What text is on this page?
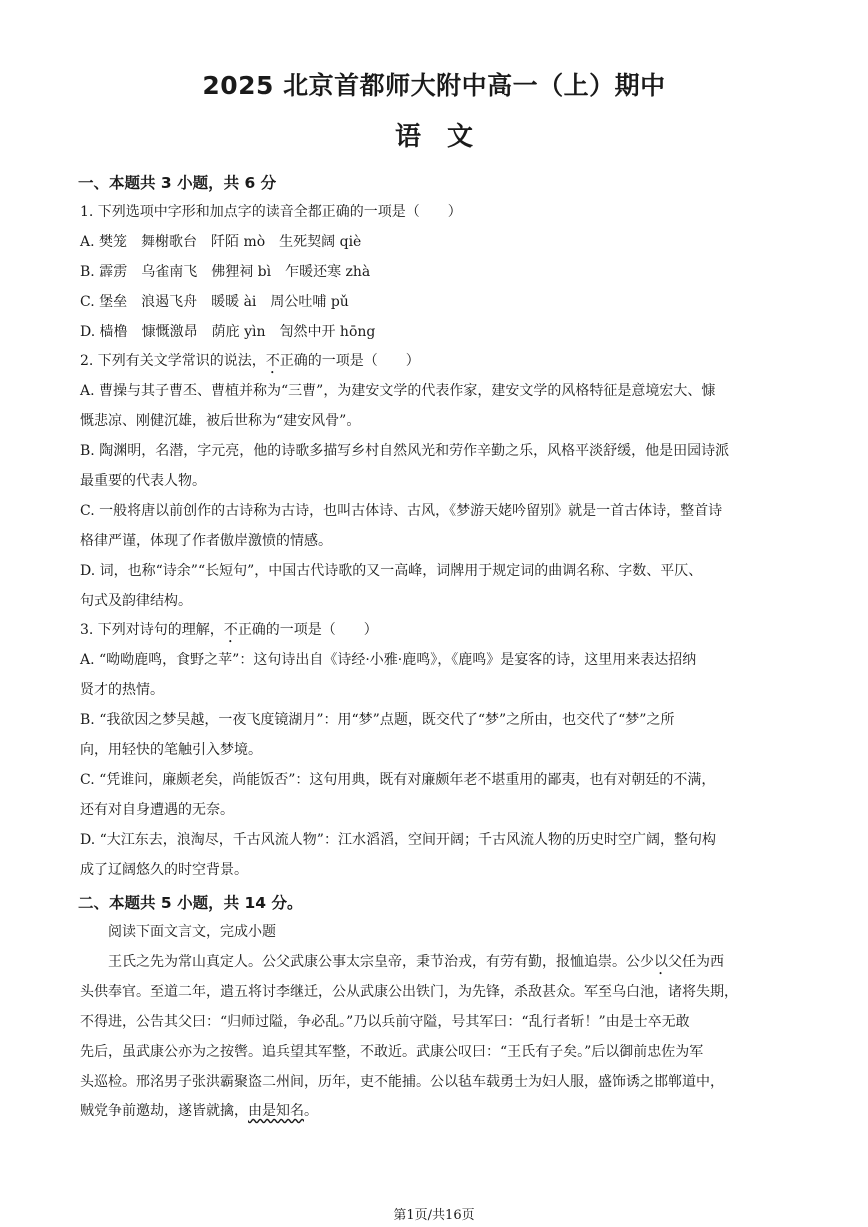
2025 北京首都师大附中高一（上）期中
语　文
一、本题共 3 小题，共 6 分
1. 下列选项中字形和加点字的读音全都正确的一项是（　　）
A. 樊笼　舞榭歌台　阡陌 mò　生死契阔 qiè
B. 霹雳　乌雀南飞　佛狸祠 bì　乍暖还寒 zhà
C. 堡垒　浪遏飞舟　暖暖 ài　周公吐哺 pǔ
D. 樯橹　慷慨激昂　荫庇 yìn　訇然中开 hōng
2. 下列有关文学常识的说法，不正确的一项是（　　）
A. 曹操与其子曹丕、曹植并称为“三曹”，为建安文学的代表作家，建安文学的风格特征是意境宏大、慷
慨悲凉、刚健沉雄，被后世称为“建安风骨”。
B. 陶渊明，名潜，字元亮，他的诗歌多描写乡村自然风光和劳作辛勤之乐，风格平淡舒缓，他是田园诗派
最重要的代表人物。
C. 一般将唐以前创作的古诗称为古诗，也叫古体诗、古风，《梦游天姥吟留别》就是一首古体诗，整首诗
格律严谨，体现了作者傲岸激愤的情感。
D. 词，也称“诗余”“长短句”，中国古代诗歌的又一高峰，词牌用于规定词的曲调名称、字数、平仄、
句式及韵律结构。
3. 下列对诗句的理解，不正确的一项是（　　）
A. “呦呦鹿鸣，食野之苹”：这句诗出自《诗经·小雅·鹿鸣》，《鹿鸣》是宴客的诗，这里用来表达招纳
贤才的热情。
B. “我欲因之梦吴越，一夜飞度镜湖月”：用“梦”点题，既交代了“梦”之所由，也交代了“梦”之所
向，用轻快的笔触引入梦境。
C. “凭谁问，廉颇老矣，尚能饭否”：这句用典，既有对廉颇年老不堪重用的鄙夷，也有对朝廷的不满，
还有对自身遭遇的无奈。
D. “大江东去，浪淘尽，千古风流人物”：江水滔滔，空间开阔；千古风流人物的历史时空广阔，整句构
成了辽阔悠久的时空背景。
二、本题共 5 小题，共 14 分。
阅读下面文言文，完成小题
　　王氏之先为常山真定人。公父武康公事太宗皇帝，秉节治戎，有劳有勤，报恤追崇。公少以父任为西
头供奉官。至道二年，遣五将讨李继迁，公从武康公出铁门，为先锋，杀敌甚众。军至乌白池，诸将失期，
不得进，公告其父曰：“归师过隘，争必乱。”乃以兵前守隘，号其军曰：“乱行者斩！”由是士卒无敢
先后，虽武康公亦为之按辔。追兵望其军整，不敢近。武康公叹曰：“王氏有子矣。”后以御前忠佐为军
头巡检。邢洺男子张洪霸聚盗二州间，历年，吏不能捕。公以毡车载勇士为妇人服，盛饰诱之邯郸道中，
贼党争前邀劫，遂皆就擒，由是知名。
第1页/共16页
